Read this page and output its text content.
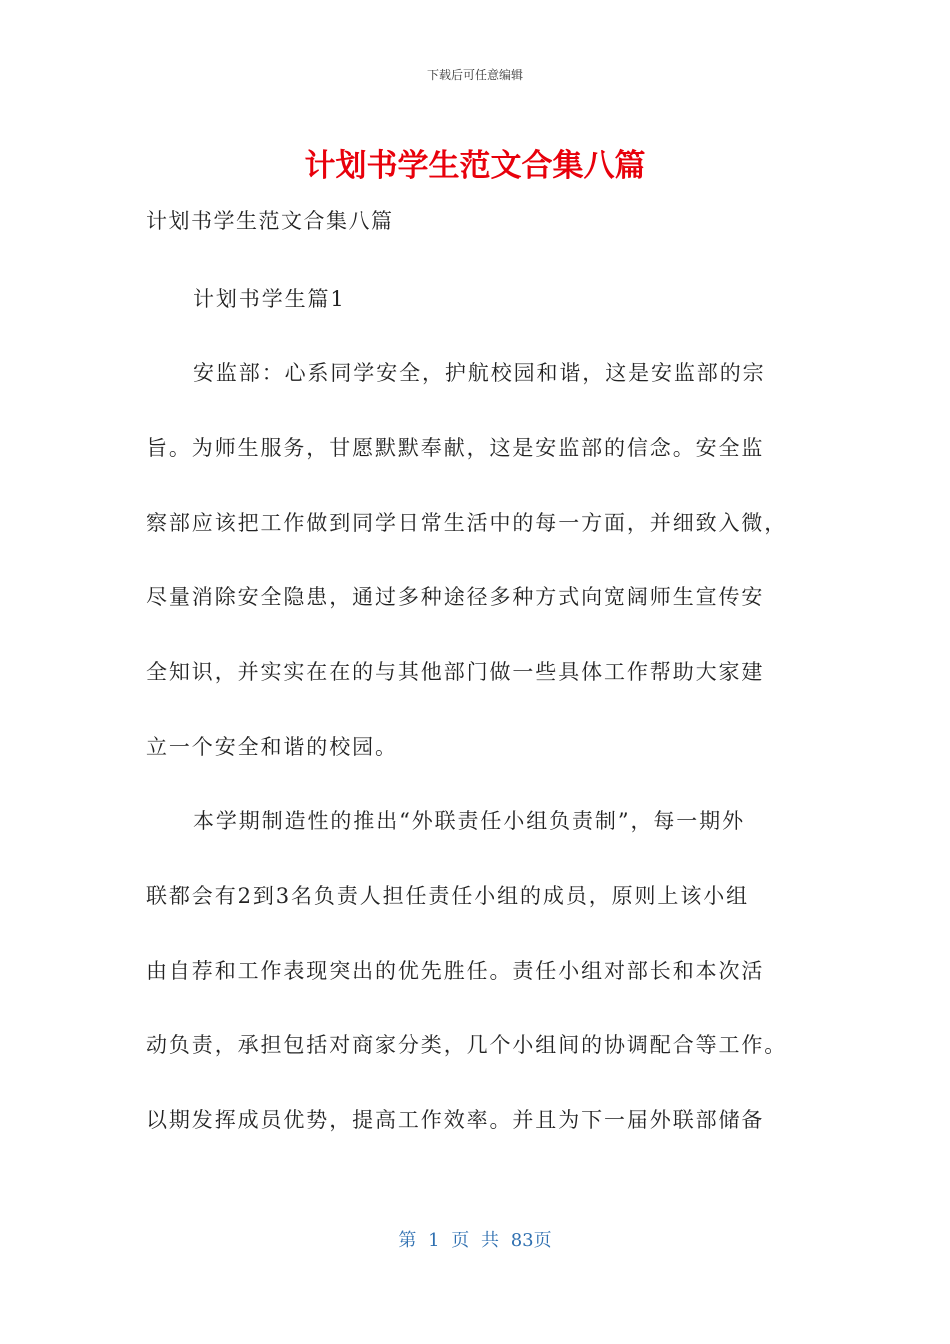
下载后可任意编辑
计划书学生范文合集八篇
计划书学生范文合集八篇
计划书学生篇1
安监部：心系同学安全，护航校园和谐，这是安监部的宗
旨。为师生服务，甘愿默默奉献，这是安监部的信念。安全监
察部应该把工作做到同学日常生活中的每一方面，并细致入微，
尽量消除安全隐患，通过多种途径多种方式向宽阔师生宣传安
全知识，并实实在在的与其他部门做一些具体工作帮助大家建
立一个安全和谐的校园。
本学期制造性的推出“外联责任小组负责制”，每一期外
联都会有2到3名负责人担任责任小组的成员，原则上该小组
由自荐和工作表现突出的优先胜任。责任小组对部长和本次活
动负责，承担包括对商家分类，几个小组间的协调配合等工作。
以期发挥成员优势，提高工作效率。并且为下一届外联部储备
第 1 页 共 83页
